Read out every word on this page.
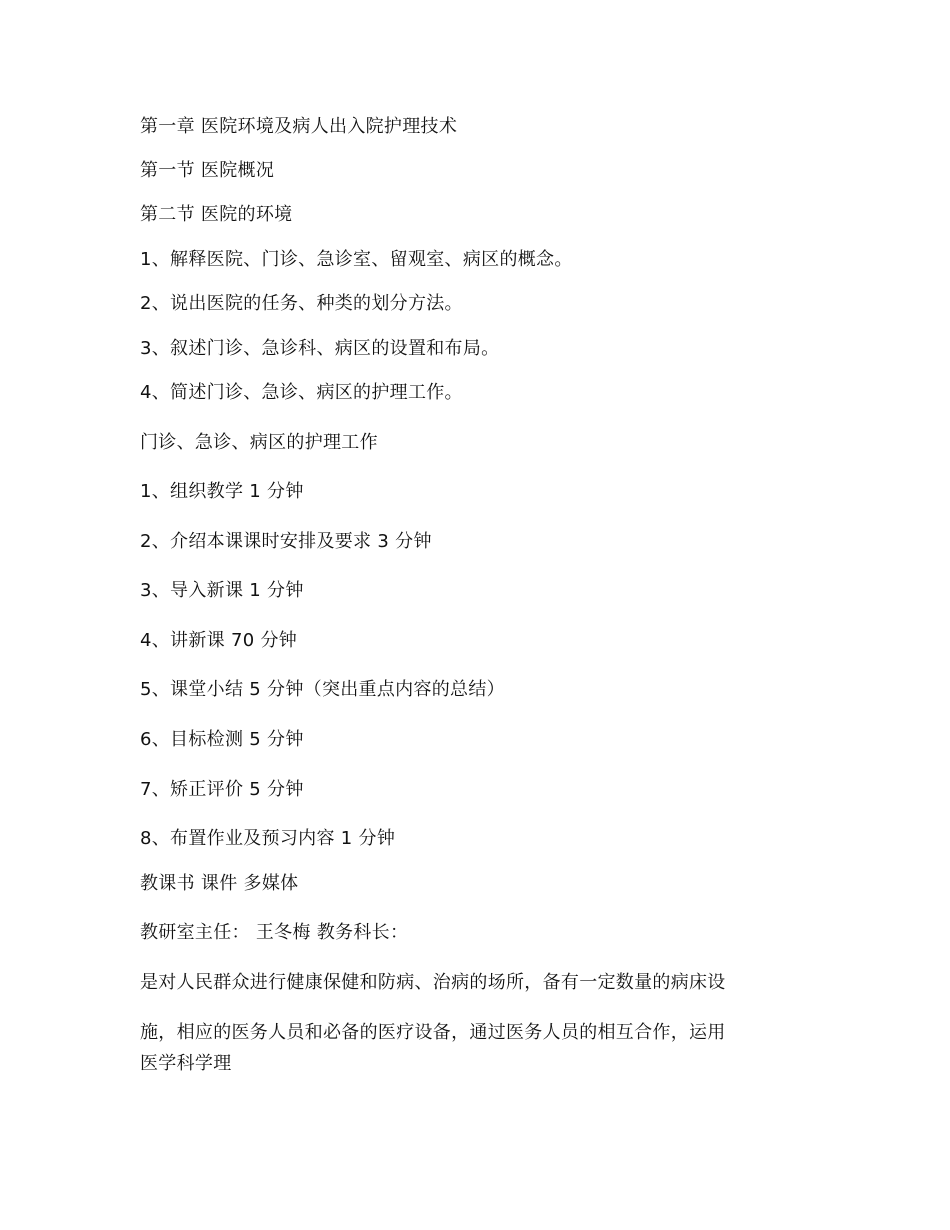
第一章 医院环境及病人出入院护理技术
第一节 医院概况
第二节 医院的环境
1、解释医院、门诊、急诊室、留观室、病区的概念。
2、说出医院的任务、种类的划分方法。
3、叙述门诊、急诊科、病区的设置和布局。
4、简述门诊、急诊、病区的护理工作。
门诊、急诊、病区的护理工作
1、组织教学 1 分钟
2、介绍本课课时安排及要求 3 分钟
3、导入新课 1 分钟
4、讲新课 70 分钟
5、课堂小结 5 分钟（突出重点内容的总结）
6、目标检测 5 分钟
7、矫正评价 5 分钟
8、布置作业及预习内容 1 分钟
教课书 课件 多媒体
教研室主任： 王冬梅 教务科长：
是对人民群众进行健康保健和防病、治病的场所，备有一定数量的病床设
施，相应的医务人员和必备的医疗设备，通过医务人员的相互合作，运用
医学科学理
